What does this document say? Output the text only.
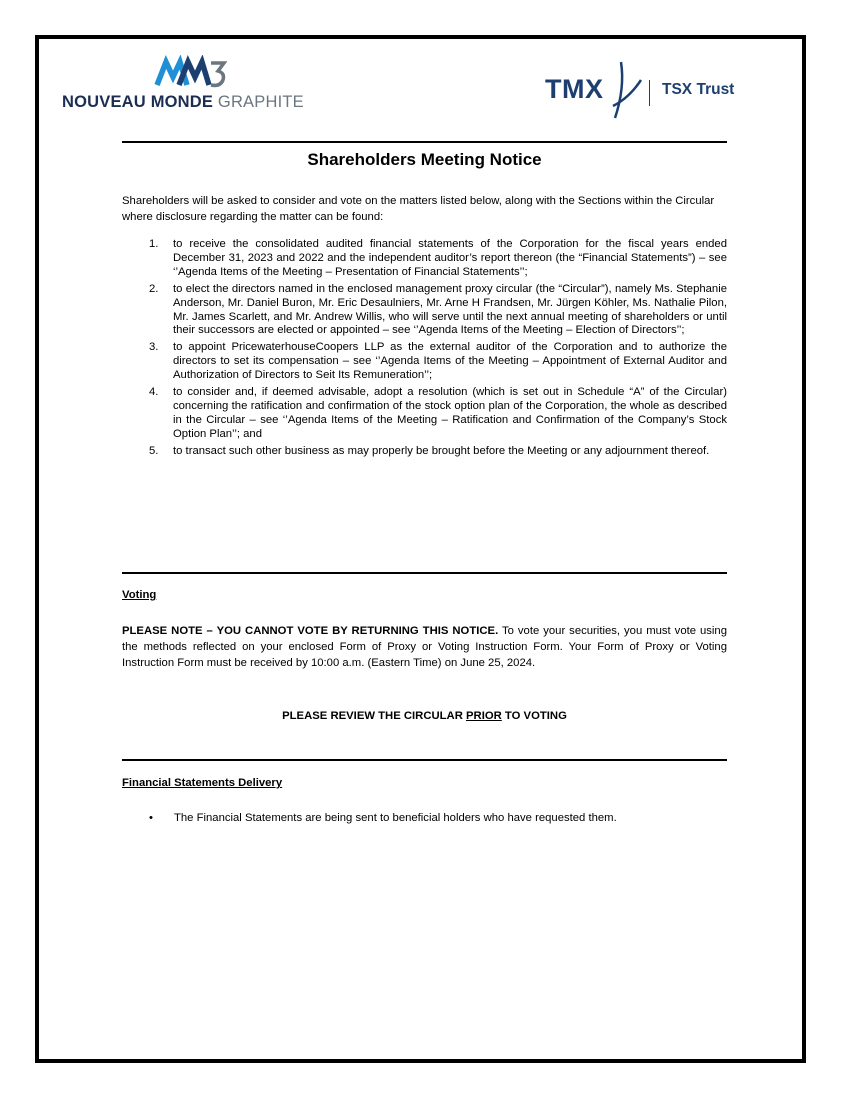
NOUVEAU MONDE GRAPHITE	TMX	TSX Trust
Shareholders Meeting Notice
Shareholders will be asked to consider and vote on the matters listed below, along with the Sections within the Circular where disclosure regarding the matter can be found:
1. to receive the consolidated audited financial statements of the Corporation for the fiscal years ended December 31, 2023 and 2022 and the independent auditor’s report thereon (the “Financial Statements”) – see ‘’Agenda Items of the Meeting – Presentation of Financial Statements’’;
2. to elect the directors named in the enclosed management proxy circular (the “Circular”), namely Ms. Stephanie Anderson, Mr. Daniel Buron, Mr. Eric Desaulniers, Mr. Arne H Frandsen, Mr. Jürgen Köhler, Ms. Nathalie Pilon, Mr. James Scarlett, and Mr. Andrew Willis, who will serve until the next annual meeting of shareholders or until their successors are elected or appointed – see ‘’Agenda Items of the Meeting – Election of Directors’’;
3. to appoint PricewaterhouseCoopers LLP as the external auditor of the Corporation and to authorize the directors to set its compensation – see ‘’Agenda Items of the Meeting – Appointment of External Auditor and Authorization of Directors to Seit Its Remuneration’’;
4. to consider and, if deemed advisable, adopt a resolution (which is set out in Schedule “A” of the Circular) concerning the ratification and confirmation of the stock option plan of the Corporation, the whole as described in the Circular – see ‘’Agenda Items of the Meeting – Ratification and Confirmation of the Company’s Stock Option Plan’’; and
5. to transact such other business as may properly be brought before the Meeting or any adjournment thereof.
Voting
PLEASE NOTE – YOU CANNOT VOTE BY RETURNING THIS NOTICE. To vote your securities, you must vote using the methods reflected on your enclosed Form of Proxy or Voting Instruction Form. Your Form of Proxy or Voting Instruction Form must be received by 10:00 a.m. (Eastern Time) on June 25, 2024.
PLEASE REVIEW THE CIRCULAR PRIOR TO VOTING
Financial Statements Delivery
• The Financial Statements are being sent to beneficial holders who have requested them.
